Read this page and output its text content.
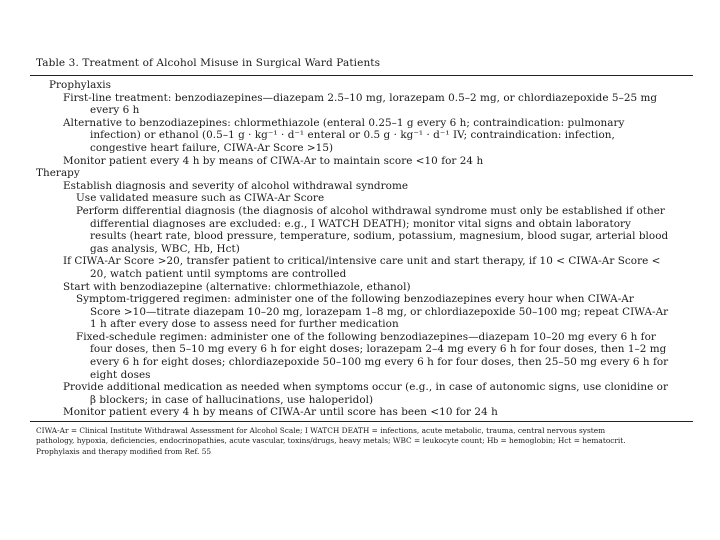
Table 3. Treatment of Alcohol Misuse in Surgical Ward Patients
Prophylaxis
First-line treatment: benzodiazepines—diazepam 2.5–10 mg, lorazepam 0.5–2 mg, or chlordiazepoxide 5–25 mg
every 6 h
Alternative to benzodiazepines: chlormethiazole (enteral 0.25–1 g every 6 h; contraindication: pulmonary
infection) or ethanol (0.5–1 g · kg⁻¹ · d⁻¹ enteral or 0.5 g · kg⁻¹ · d⁻¹ IV; contraindication: infection,
congestive heart failure, CIWA-Ar Score >15)
Monitor patient every 4 h by means of CIWA-Ar to maintain score <10 for 24 h
Therapy
Establish diagnosis and severity of alcohol withdrawal syndrome
Use validated measure such as CIWA-Ar Score
Perform differential diagnosis (the diagnosis of alcohol withdrawal syndrome must only be established if other
differential diagnoses are excluded: e.g., I WATCH DEATH); monitor vital signs and obtain laboratory
results (heart rate, blood pressure, temperature, sodium, potassium, magnesium, blood sugar, arterial blood
gas analysis, WBC, Hb, Hct)
If CIWA-Ar Score >20, transfer patient to critical/intensive care unit and start therapy, if 10 < CIWA-Ar Score <
20, watch patient until symptoms are controlled
Start with benzodiazepine (alternative: chlormethiazole, ethanol)
Symptom-triggered regimen: administer one of the following benzodiazepines every hour when CIWA-Ar
Score >10—titrate diazepam 10–20 mg, lorazepam 1–8 mg, or chlordiazepoxide 50–100 mg; repeat CIWA-Ar
1 h after every dose to assess need for further medication
Fixed-schedule regimen: administer one of the following benzodiazepines—diazepam 10–20 mg every 6 h for
four doses, then 5–10 mg every 6 h for eight doses; lorazepam 2–4 mg every 6 h for four doses, then 1–2 mg
every 6 h for eight doses; chlordiazepoxide 50–100 mg every 6 h for four doses, then 25–50 mg every 6 h for
eight doses
Provide additional medication as needed when symptoms occur (e.g., in case of autonomic signs, use clonidine or
β blockers; in case of hallucinations, use haloperidol)
Monitor patient every 4 h by means of CIWA-Ar until score has been <10 for 24 h
CIWA-Ar = Clinical Institute Withdrawal Assessment for Alcohol Scale; I WATCH DEATH = infections, acute metabolic, trauma, central nervous system
pathology, hypoxia, deficiencies, endocrinopathies, acute vascular, toxins/drugs, heavy metals; WBC = leukocyte count; Hb = hemoglobin; Hct = hematocrit.
Prophylaxis and therapy modified from Ref. 55
